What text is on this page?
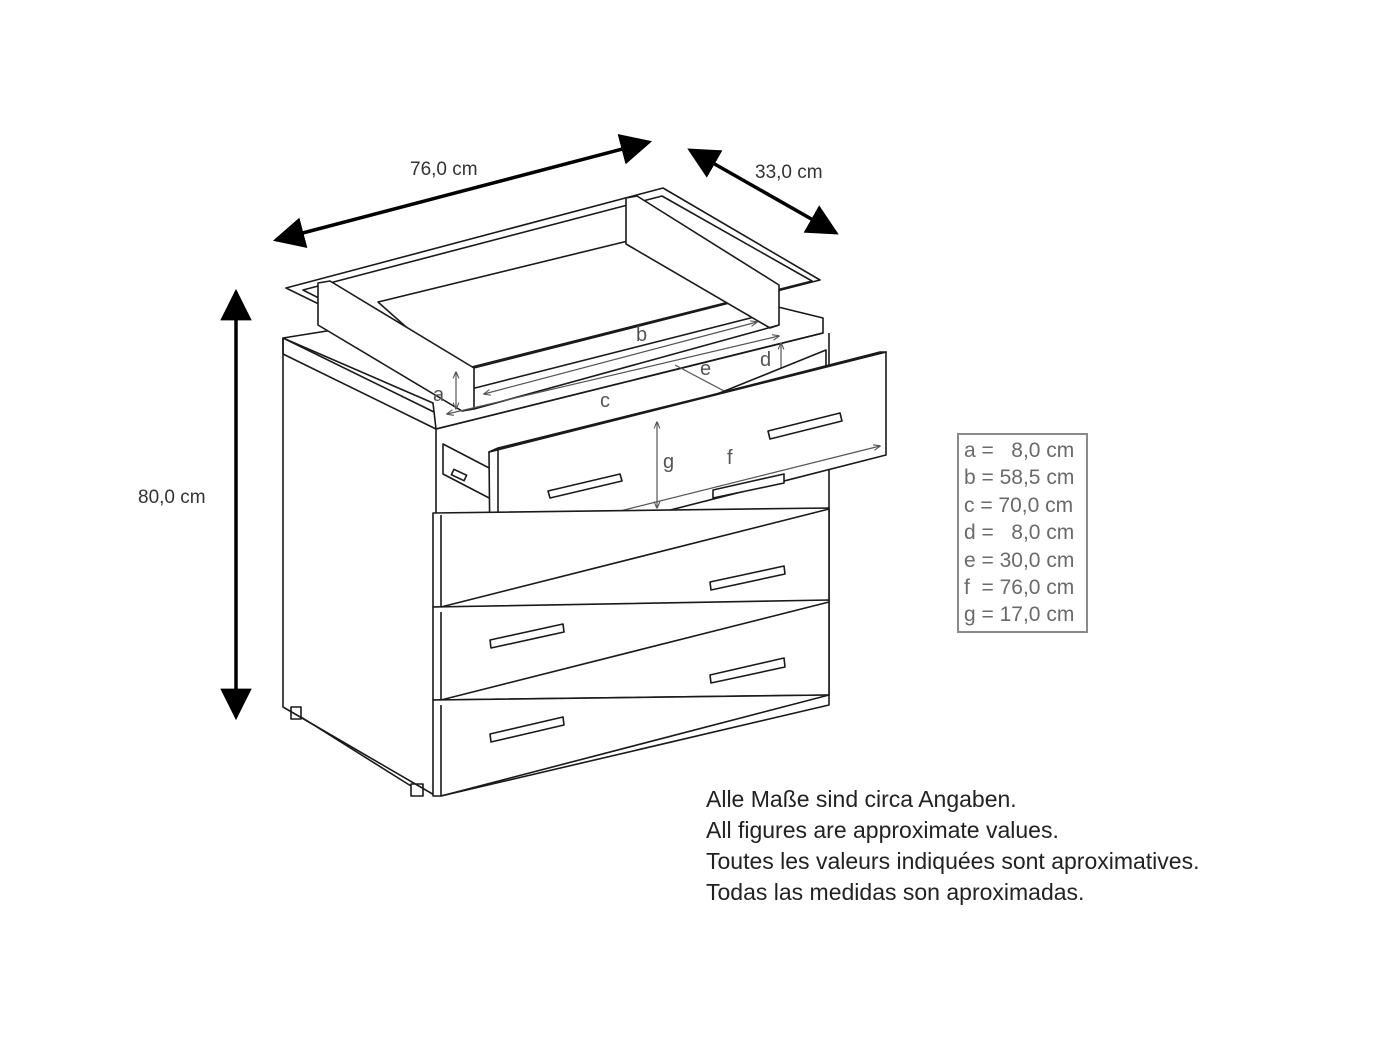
76,0 cm	33,0 cm
80,0 cm
a
b
c
d
e
g	f	a =   8,0 cm
b = 58,5 cm
c = 70,0 cm
d =   8,0 cm
e = 30,0 cm
f  = 76,0 cm
g = 17,0 cm
Alle Maße sind circa Angaben.
All figures are approximate values.
Toutes les valeurs indiquées sont aproximatives.
Todas las medidas son aproximadas.
